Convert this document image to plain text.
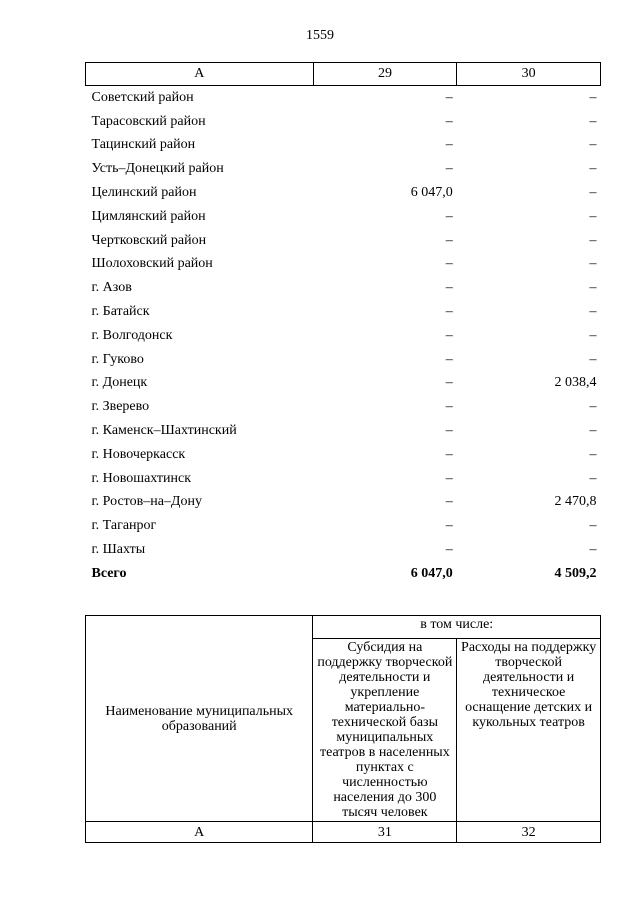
1559
А	29	30
Советский район	–	–
Тарасовский район	–	–
Тацинский район	–	–
Усть–Донецкий район	–	–
Целинский район	6 047,0	–
Цимлянский район	–	–
Чертковский район	–	–
Шолоховский район	–	–
г. Азов	–	–
г. Батайск	–	–
г. Волгодонск	–	–
г. Гуково	–	–
г. Донецк	–	2 038,4
г. Зверево	–	–
г. Каменск–Шахтинский	–	–
г. Новочеркасск	–	–
г. Новошахтинск	–	–
г. Ростов–на–Дону	–	2 470,8
г. Таганрог	–	–
г. Шахты	–	–
Всего	6 047,0	4 509,2
Наименование муниципальных образований	в том числе:	
	Субсидия на поддержку творческой деятельности и укрепление материально-технической базы муниципальных театров в населенных пунктах с численностью населения до 300 тысяч человек	Расходы на поддержку творческой деятельности и техническое оснащение детских и кукольных театров
А	31	32
